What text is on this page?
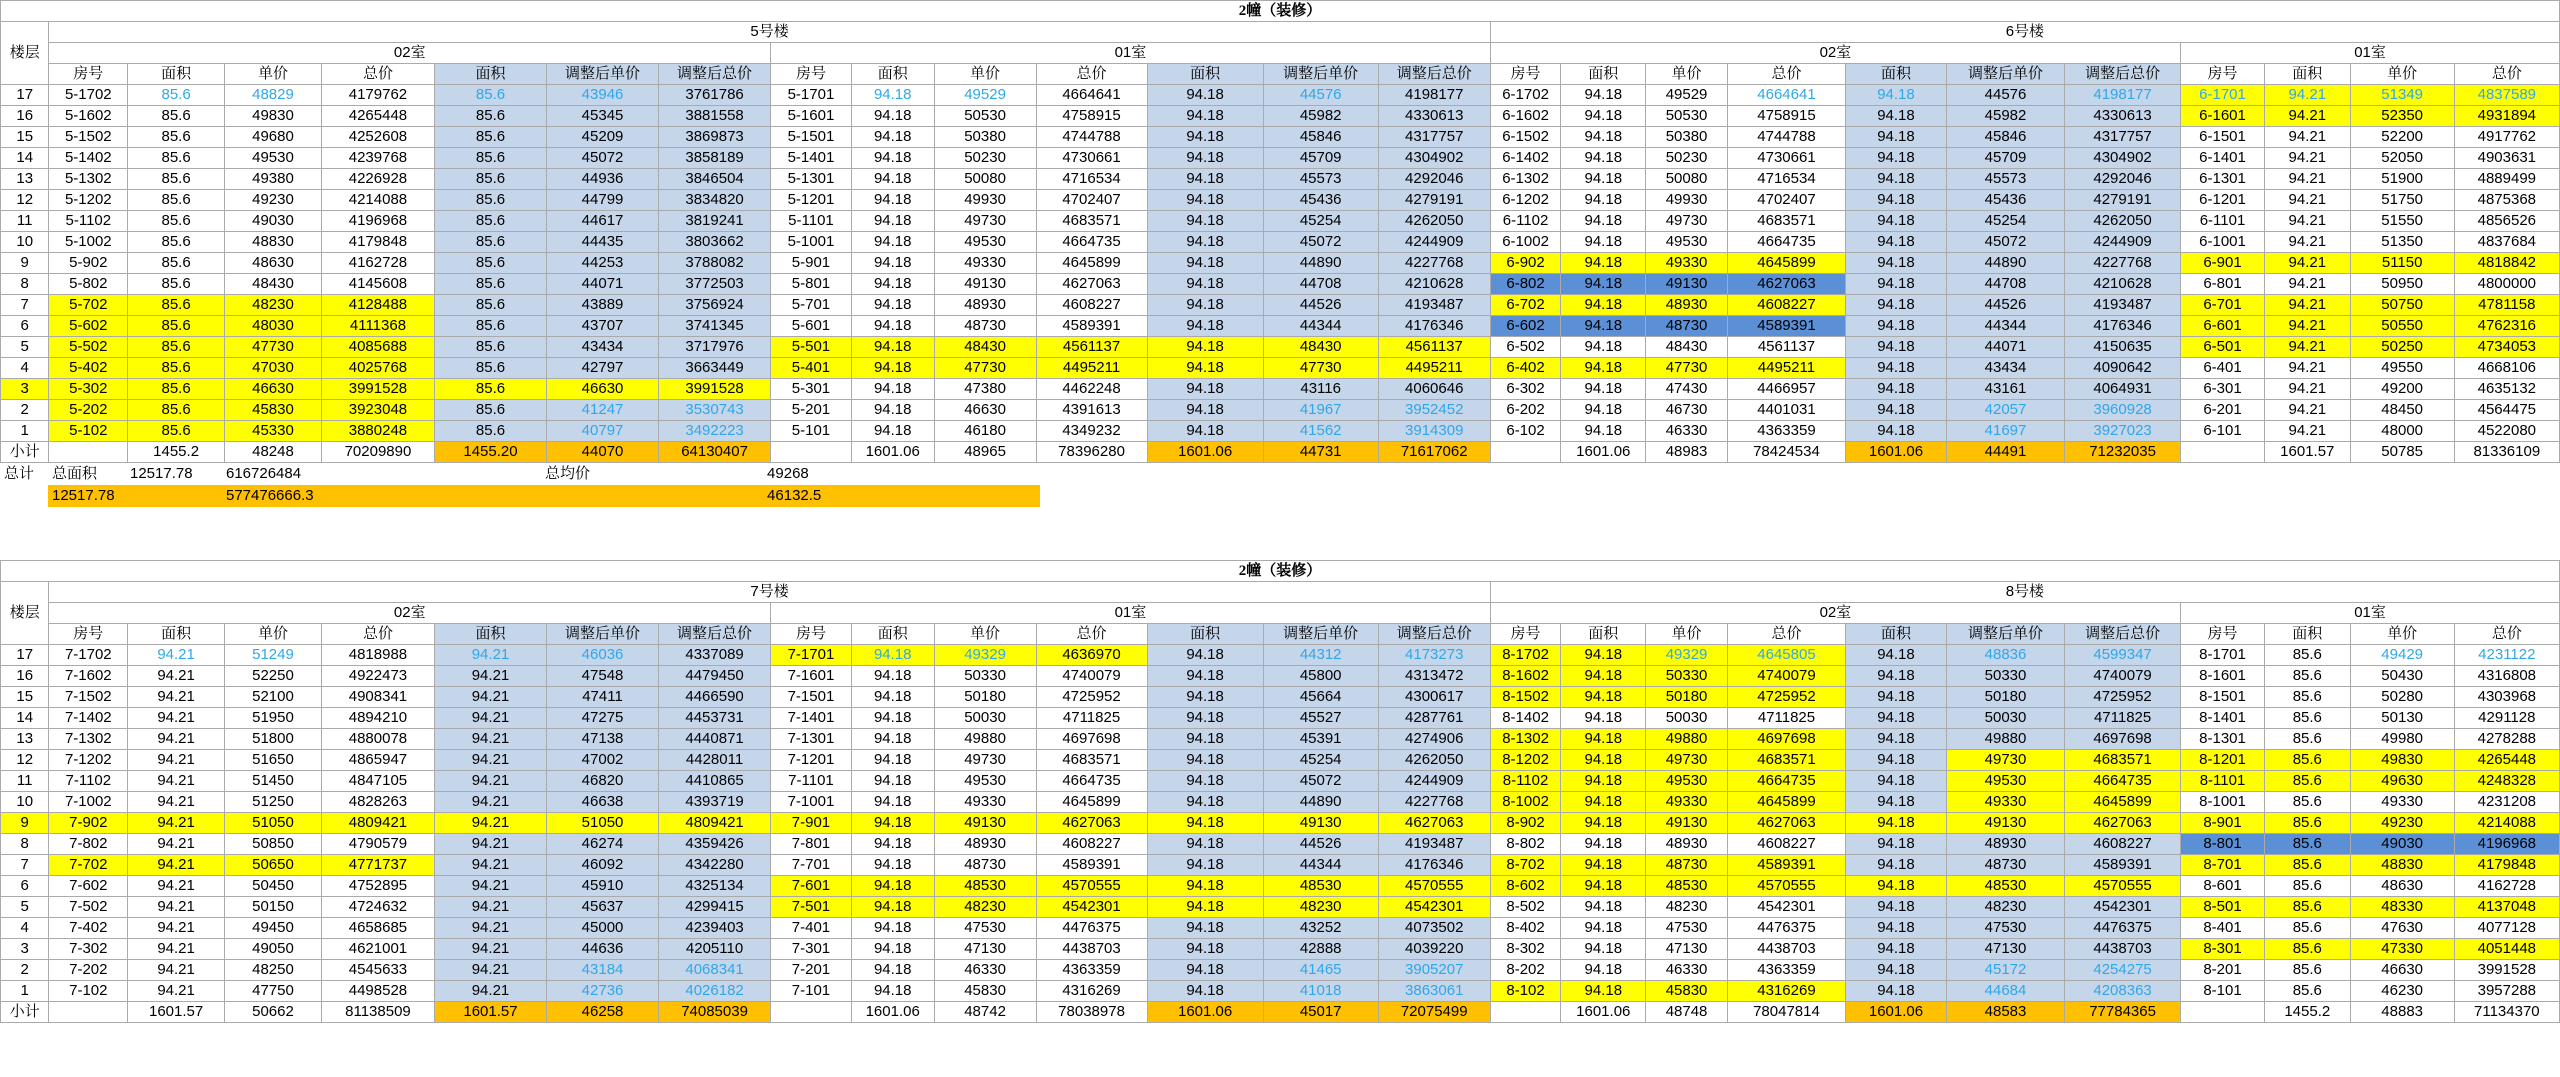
2幢（装修）																									
楼层	5号楼														6号楼										
	02室							01室							02室							01室			
	房号	面积	单价	总价	面积	调整后单价	调整后总价	房号	面积	单价	总价	面积	调整后单价	调整后总价	房号	面积	单价	总价	面积	调整后单价	调整后总价	房号	面积	单价	总价
17	5-1702	85.6	48829	4179762	85.6	43946	3761786	5-1701	94.18	49529	4664641	94.18	44576	4198177	6-1702	94.18	49529	4664641	94.18	44576	4198177	6-1701	94.21	51349	4837589
16	5-1602	85.6	49830	4265448	85.6	45345	3881558	5-1601	94.18	50530	4758915	94.18	45982	4330613	6-1602	94.18	50530	4758915	94.18	45982	4330613	6-1601	94.21	52350	4931894
15	5-1502	85.6	49680	4252608	85.6	45209	3869873	5-1501	94.18	50380	4744788	94.18	45846	4317757	6-1502	94.18	50380	4744788	94.18	45846	4317757	6-1501	94.21	52200	4917762
14	5-1402	85.6	49530	4239768	85.6	45072	3858189	5-1401	94.18	50230	4730661	94.18	45709	4304902	6-1402	94.18	50230	4730661	94.18	45709	4304902	6-1401	94.21	52050	4903631
13	5-1302	85.6	49380	4226928	85.6	44936	3846504	5-1301	94.18	50080	4716534	94.18	45573	4292046	6-1302	94.18	50080	4716534	94.18	45573	4292046	6-1301	94.21	51900	4889499
12	5-1202	85.6	49230	4214088	85.6	44799	3834820	5-1201	94.18	49930	4702407	94.18	45436	4279191	6-1202	94.18	49930	4702407	94.18	45436	4279191	6-1201	94.21	51750	4875368
11	5-1102	85.6	49030	4196968	85.6	44617	3819241	5-1101	94.18	49730	4683571	94.18	45254	4262050	6-1102	94.18	49730	4683571	94.18	45254	4262050	6-1101	94.21	51550	4856526
10	5-1002	85.6	48830	4179848	85.6	44435	3803662	5-1001	94.18	49530	4664735	94.18	45072	4244909	6-1002	94.18	49530	4664735	94.18	45072	4244909	6-1001	94.21	51350	4837684
9	5-902	85.6	48630	4162728	85.6	44253	3788082	5-901	94.18	49330	4645899	94.18	44890	4227768	6-902	94.18	49330	4645899	94.18	44890	4227768	6-901	94.21	51150	4818842
8	5-802	85.6	48430	4145608	85.6	44071	3772503	5-801	94.18	49130	4627063	94.18	44708	4210628	6-802	94.18	49130	4627063	94.18	44708	4210628	6-801	94.21	50950	4800000
7	5-702	85.6	48230	4128488	85.6	43889	3756924	5-701	94.18	48930	4608227	94.18	44526	4193487	6-702	94.18	48930	4608227	94.18	44526	4193487	6-701	94.21	50750	4781158
6	5-602	85.6	48030	4111368	85.6	43707	3741345	5-601	94.18	48730	4589391	94.18	44344	4176346	6-602	94.18	48730	4589391	94.18	44344	4176346	6-601	94.21	50550	4762316
5	5-502	85.6	47730	4085688	85.6	43434	3717976	5-501	94.18	48430	4561137	94.18	48430	4561137	6-502	94.18	48430	4561137	94.18	44071	4150635	6-501	94.21	50250	4734053
4	5-402	85.6	47030	4025768	85.6	42797	3663449	5-401	94.18	47730	4495211	94.18	47730	4495211	6-402	94.18	47730	4495211	94.18	43434	4090642	6-401	94.21	49550	4668106
3	5-302	85.6	46630	3991528	85.6	46630	3991528	5-301	94.18	47380	4462248	94.18	43116	4060646	6-302	94.18	47430	4466957	94.18	43161	4064931	6-301	94.21	49200	4635132
2	5-202	85.6	45830	3923048	85.6	41247	3530743	5-201	94.18	46630	4391613	94.18	41967	3952452	6-202	94.18	46730	4401031	94.18	42057	3960928	6-201	94.21	48450	4564475
1	5-102	85.6	45330	3880248	85.6	40797	3492223	5-101	94.18	46180	4349232	94.18	41562	3914309	6-102	94.18	46330	4363359	94.18	41697	3927023	6-101	94.21	48000	4522080
小计		1455.2	48248	70209890	1455.20	44070	64130407		1601.06	48965	78396280	1601.06	44731	71617062		1601.06	48983	78424534	1601.06	44491	71232035		1601.57	50785	81336109
总计	总面积	12517.78	616726484	总均价	49268
	12517.78		577476666.3		46132.5
2幢（装修）																									
楼层	7号楼														8号楼										
	02室							01室							02室							01室			
	房号	面积	单价	总价	面积	调整后单价	调整后总价	房号	面积	单价	总价	面积	调整后单价	调整后总价	房号	面积	单价	总价	面积	调整后单价	调整后总价	房号	面积	单价	总价
17	7-1702	94.21	51249	4818988	94.21	46036	4337089	7-1701	94.18	49329	4636970	94.18	44312	4173273	8-1702	94.18	49329	4645805	94.18	48836	4599347	8-1701	85.6	49429	4231122
16	7-1602	94.21	52250	4922473	94.21	47548	4479450	7-1601	94.18	50330	4740079	94.18	45800	4313472	8-1602	94.18	50330	4740079	94.18	50330	4740079	8-1601	85.6	50430	4316808
15	7-1502	94.21	52100	4908341	94.21	47411	4466590	7-1501	94.18	50180	4725952	94.18	45664	4300617	8-1502	94.18	50180	4725952	94.18	50180	4725952	8-1501	85.6	50280	4303968
14	7-1402	94.21	51950	4894210	94.21	47275	4453731	7-1401	94.18	50030	4711825	94.18	45527	4287761	8-1402	94.18	50030	4711825	94.18	50030	4711825	8-1401	85.6	50130	4291128
13	7-1302	94.21	51800	4880078	94.21	47138	4440871	7-1301	94.18	49880	4697698	94.18	45391	4274906	8-1302	94.18	49880	4697698	94.18	49880	4697698	8-1301	85.6	49980	4278288
12	7-1202	94.21	51650	4865947	94.21	47002	4428011	7-1201	94.18	49730	4683571	94.18	45254	4262050	8-1202	94.18	49730	4683571	94.18	49730	4683571	8-1201	85.6	49830	4265448
11	7-1102	94.21	51450	4847105	94.21	46820	4410865	7-1101	94.18	49530	4664735	94.18	45072	4244909	8-1102	94.18	49530	4664735	94.18	49530	4664735	8-1101	85.6	49630	4248328
10	7-1002	94.21	51250	4828263	94.21	46638	4393719	7-1001	94.18	49330	4645899	94.18	44890	4227768	8-1002	94.18	49330	4645899	94.18	49330	4645899	8-1001	85.6	49330	4231208
9	7-902	94.21	51050	4809421	94.21	51050	4809421	7-901	94.18	49130	4627063	94.18	49130	4627063	8-902	94.18	49130	4627063	94.18	49130	4627063	8-901	85.6	49230	4214088
8	7-802	94.21	50850	4790579	94.21	46274	4359426	7-801	94.18	48930	4608227	94.18	44526	4193487	8-802	94.18	48930	4608227	94.18	48930	4608227	8-801	85.6	49030	4196968
7	7-702	94.21	50650	4771737	94.21	46092	4342280	7-701	94.18	48730	4589391	94.18	44344	4176346	8-702	94.18	48730	4589391	94.18	48730	4589391	8-701	85.6	48830	4179848
6	7-602	94.21	50450	4752895	94.21	45910	4325134	7-601	94.18	48530	4570555	94.18	48530	4570555	8-602	94.18	48530	4570555	94.18	48530	4570555	8-601	85.6	48630	4162728
5	7-502	94.21	50150	4724632	94.21	45637	4299415	7-501	94.18	48230	4542301	94.18	48230	4542301	8-502	94.18	48230	4542301	94.18	48230	4542301	8-501	85.6	48330	4137048
4	7-402	94.21	49450	4658685	94.21	45000	4239403	7-401	94.18	47530	4476375	94.18	43252	4073502	8-402	94.18	47530	4476375	94.18	47530	4476375	8-401	85.6	47630	4077128
3	7-302	94.21	49050	4621001	94.21	44636	4205110	7-301	94.18	47130	4438703	94.18	42888	4039220	8-302	94.18	47130	4438703	94.18	47130	4438703	8-301	85.6	47330	4051448
2	7-202	94.21	48250	4545633	94.21	43184	4068341	7-201	94.18	46330	4363359	94.18	41465	3905207	8-202	94.18	46330	4363359	94.18	45172	4254275	8-201	85.6	46630	3991528
1	7-102	94.21	47750	4498528	94.21	42736	4026182	7-101	94.18	45830	4316269	94.18	41018	3863061	8-102	94.18	45830	4316269	94.18	44684	4208363	8-101	85.6	46230	3957288
小计		1601.57	50662	81138509	1601.57	46258	74085039		1601.06	48742	78038978	1601.06	45017	72075499		1601.06	48748	78047814	1601.06	48583	77784365		1455.2	48883	71134370
